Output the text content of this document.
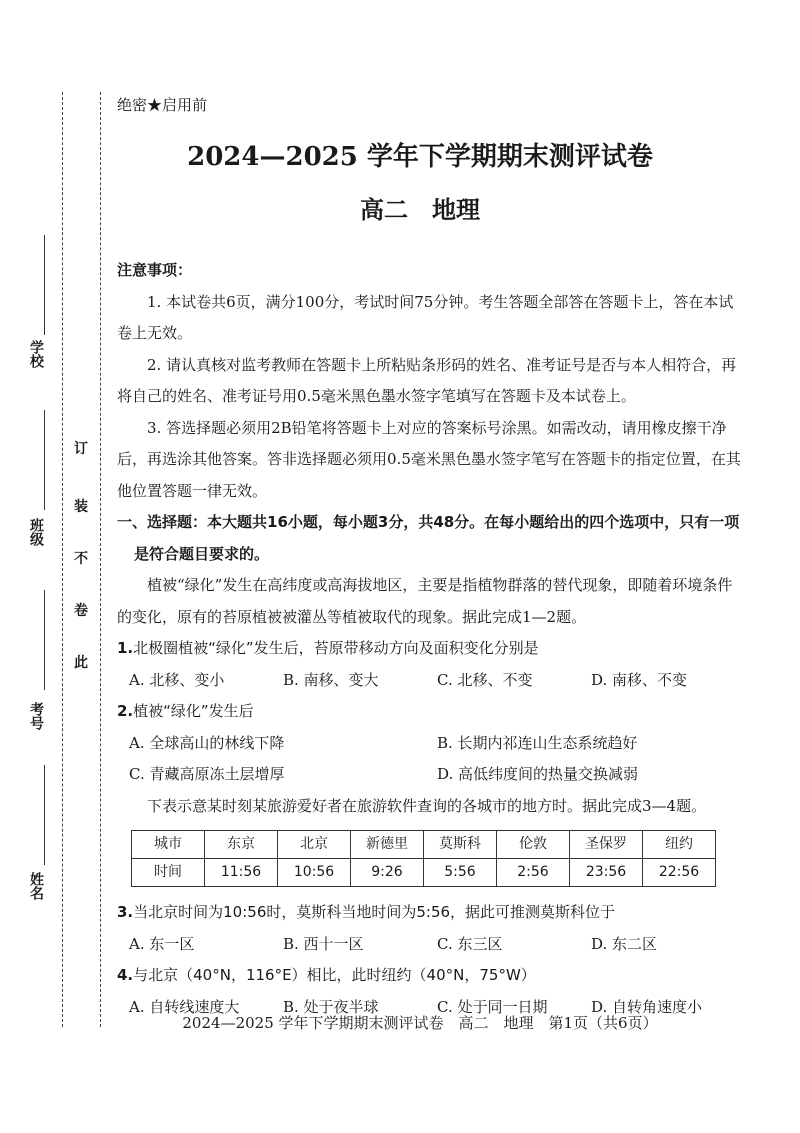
学校
班级
考号
姓名
订
装
不
卷
此
绝密★启用前
2024—2025 学年下学期期末测评试卷
高二　地理

注意事项：

1. 本试卷共6页，满分100分，考试时间75分钟。考生答题全部答在答题卡上，答在本试卷上无效。

2. 请认真核对监考教师在答题卡上所粘贴条形码的姓名、准考证号是否与本人相符合，再将自己的姓名、准考证号用0.5毫米黑色墨水签字笔填写在答题卡及本试卷上。

3. 答选择题必须用2B铅笔将答题卡上对应的答案标号涂黑。如需改动，请用橡皮擦干净后，再选涂其他答案。答非选择题必须用0.5毫米黑色墨水签字笔写在答题卡的指定位置，在其他位置答题一律无效。

一、选择题：本大题共16小题，每小题3分，共48分。在每小题给出的四个选项中，只有一项

是符合题目要求的。

植被“绿化”发生在高纬度或高海拔地区，主要是指植物群落的替代现象，即随着环境条件的变化，原有的苔原植被被灌丛等植被取代的现象。据此完成1—2题。

1.北极圈植被“绿化”发生后，苔原带移动方向及面积变化分别是

A. 北移、变小	B. 南移、变大	C. 北移、不变	D. 南移、不变

2.植被“绿化”发生后

A. 全球高山的林线下降	B. 长期内祁连山生态系统趋好
C. 青藏高原冻土层增厚	D. 高低纬度间的热量交换减弱

下表示意某时刻某旅游爱好者在旅游软件查询的各城市的地方时。据此完成3—4题。

城市	东京	北京	新德里	莫斯科	伦敦	圣保罗	纽约
时间	11:56	10:56	9:26	5:56	2:56	23:56	22:56

3.当北京时间为10:56时，莫斯科当地时间为5:56，据此可推测莫斯科位于

A. 东一区	B. 西十一区	C. 东三区	D. 东二区

4.与北京（40°N，116°E）相比，此时纽约（40°N，75°W）

A. 自转线速度大	B. 处于夜半球	C. 处于同一日期	D. 自转角速度小
2024—2025 学年下学期期末测评试卷　高二　地理　第1页（共6页）
